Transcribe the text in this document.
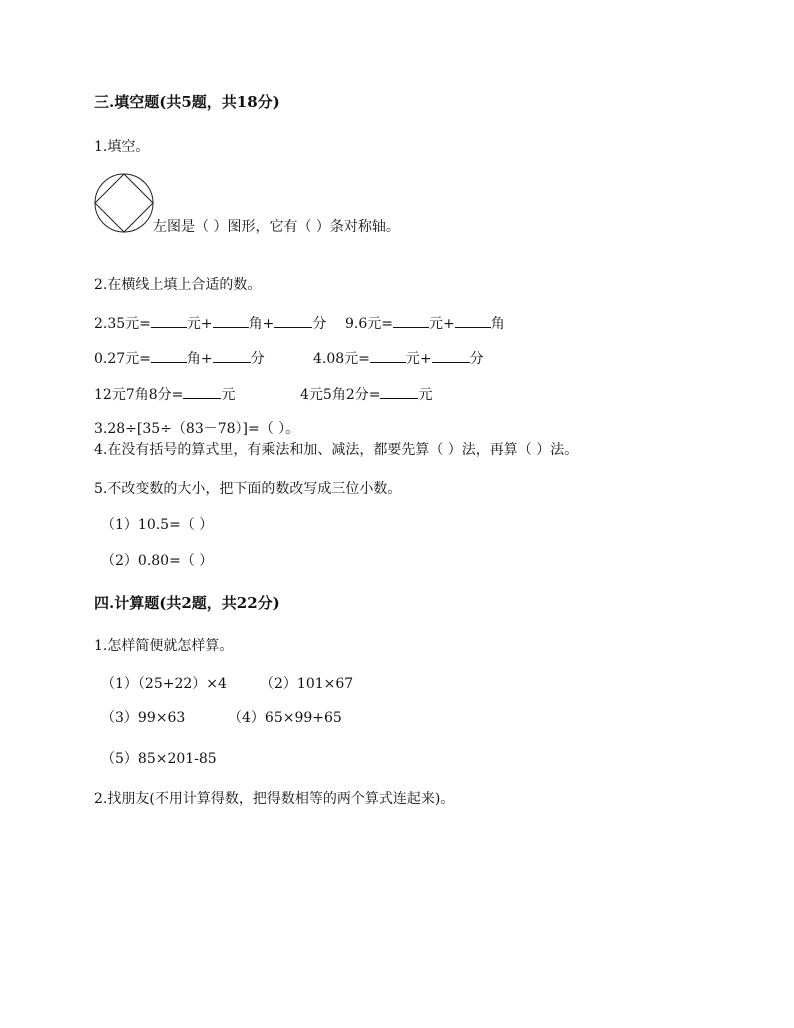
三.填空题(共5题，共18分)
1.填空。
左图是（ ）图形，它有（ ）条对称轴。
2.在横线上填上合适的数。
2.35元=	元+	角+	分 9.6元=	元+	角
0.27元=	角+	分	4.08元=	元+	分
12元7角8分=	元	4元5角2分=	元
3.28÷[35÷（83－78）]=（ ）。
4.在没有括号的算式里，有乘法和加、减法，都要先算（ ）法，再算（ ）法。
5.不改变数的大小，把下面的数改写成三位小数。
（1）10.5=（ ）
（2）0.80=（ ）
四.计算题(共2题，共22分)
1.怎样简便就怎样算。
（1）（25+22）×4 （2）101×67
（3）99×63	（4）65×99+65
（5）85×201-85
2.找朋友(不用计算得数，把得数相等的两个算式连起来)。
